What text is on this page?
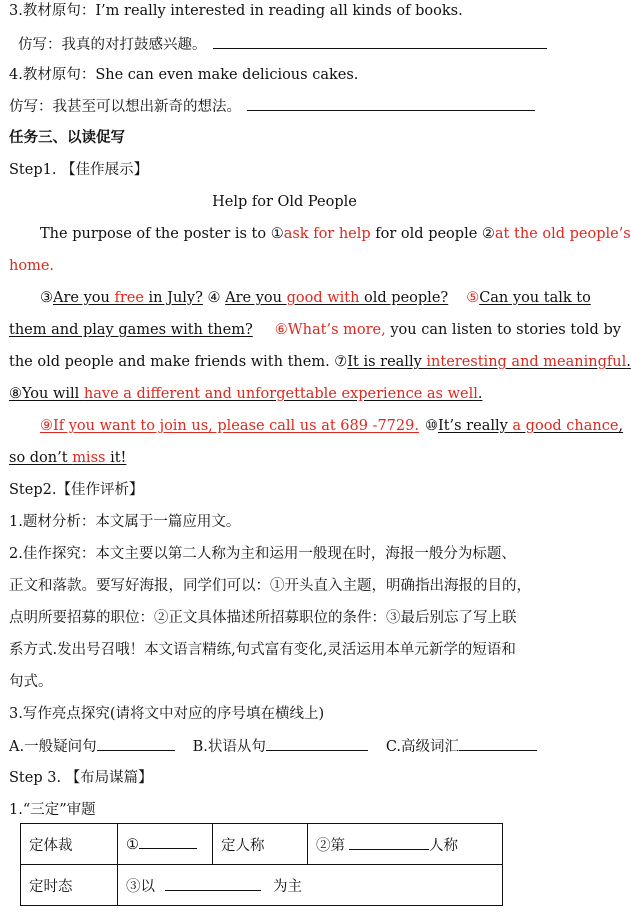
3.教材原句：I’m really interested in reading all kinds of books.
仿写：我真的对打鼓感兴趣。
4.教材原句：She can even make delicious cakes.
仿写：我甚至可以想出新奇的想法。
任务三、以读促写
Step1. 【佳作展示】
Help for Old People
The purpose of the poster is to ①ask for help for old people ②at the old people’s
home.
③Are you free in July? ④ Are you good with old people? ⑤Can you talk to
them and play games with them? ⑥What’s more, you can listen to stories told by
the old people and make friends with them. ⑦It is really interesting and meaningful.
⑧You will have a different and unforgettable experience as well.
⑨If you want to join us, please call us at 689 -7729. ⑩It’s really a good chance,
so don’t miss it!
Step2.【佳作评析】
1.题材分析：本文属于一篇应用文。
2.佳作探究：本文主要以第二人称为主和运用一般现在时，海报一般分为标题、
正文和落款。要写好海报，同学们可以：①开头直入主题，明确指出海报的目的，
点明所要招募的职位：②正文具体描述所招募职位的条件：③最后别忘了写上联
系方式.发出号召哦！本文语言精练,句式富有变化,灵活运用本单元新学的短语和
句式。
3.写作亮点探究(请将文中对应的序号填在横线上)
A.一般疑问句	B.状语从句	C.高级词汇
Step 3. 【布局谋篇】
1.“三定”审题
定体裁	①	定人称	②第 人称
定时态	③以 为主		
